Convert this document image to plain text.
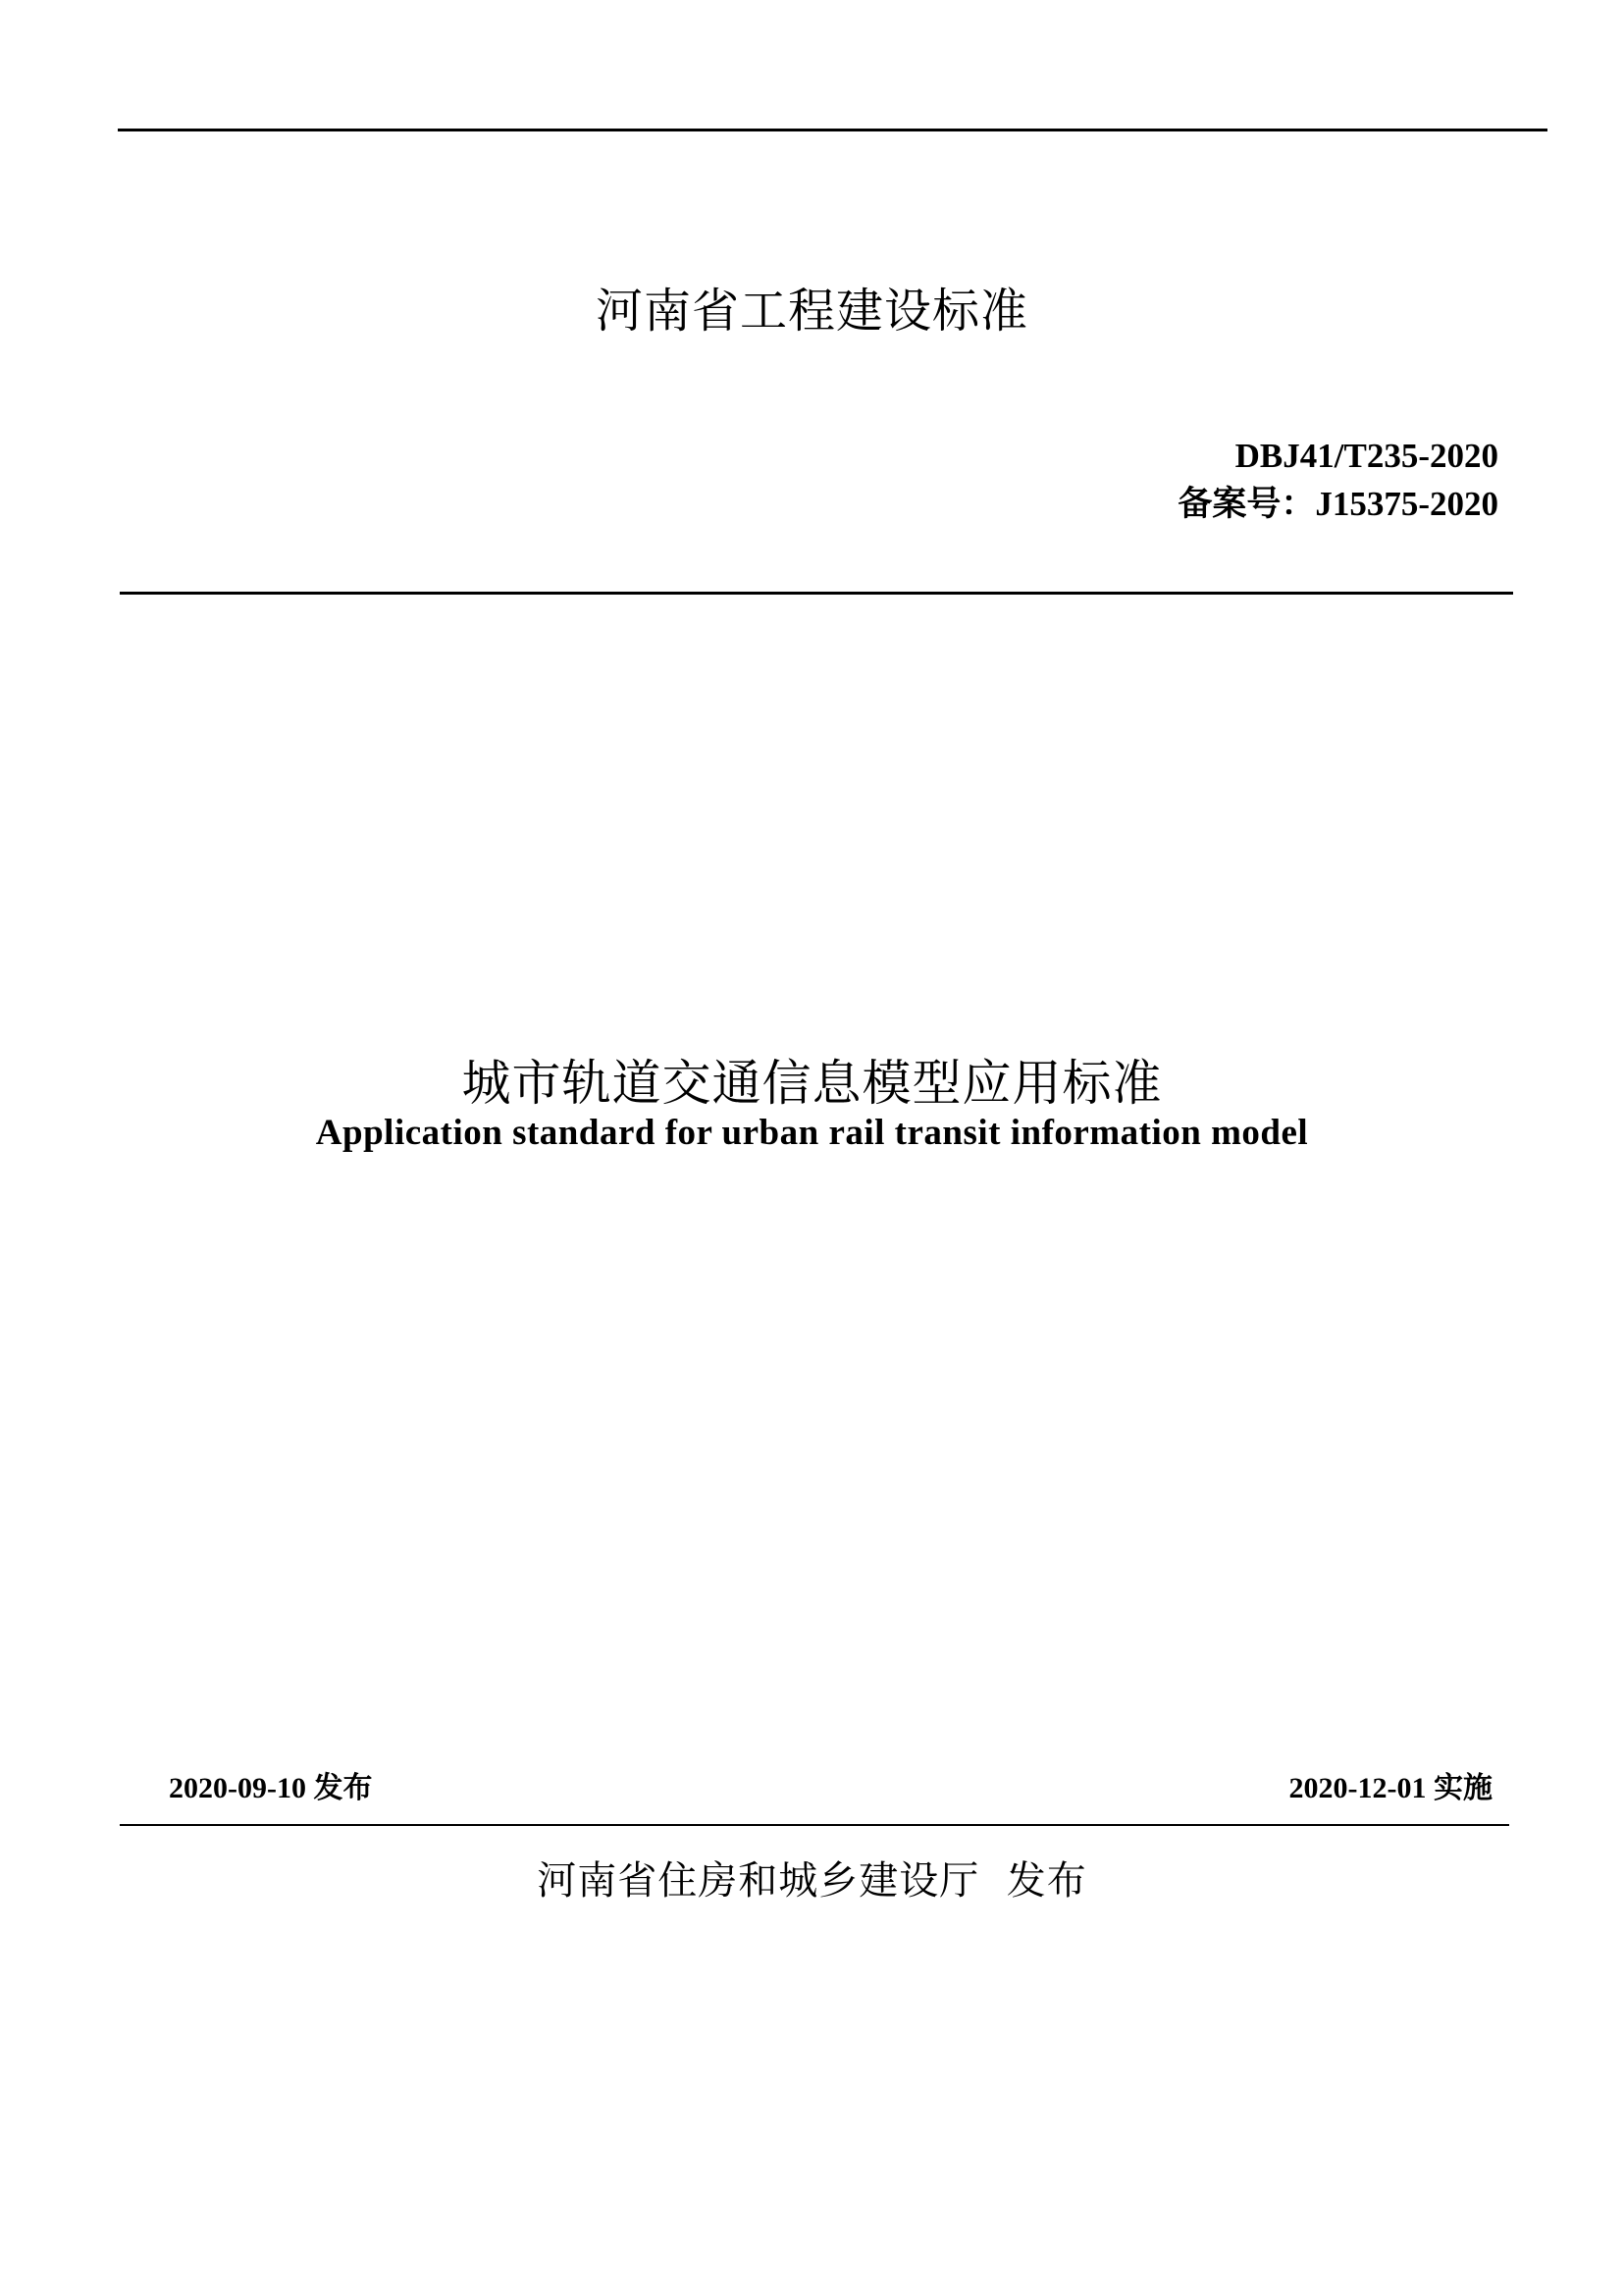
河南省工程建设标准
DBJ41/T235-2020
备案号：J15375-2020
城市轨道交通信息模型应用标准
Application standard for urban rail transit information model
2020-09-10 发布	2020-12-01 实施
河南省住房和城乡建设厅  发布
